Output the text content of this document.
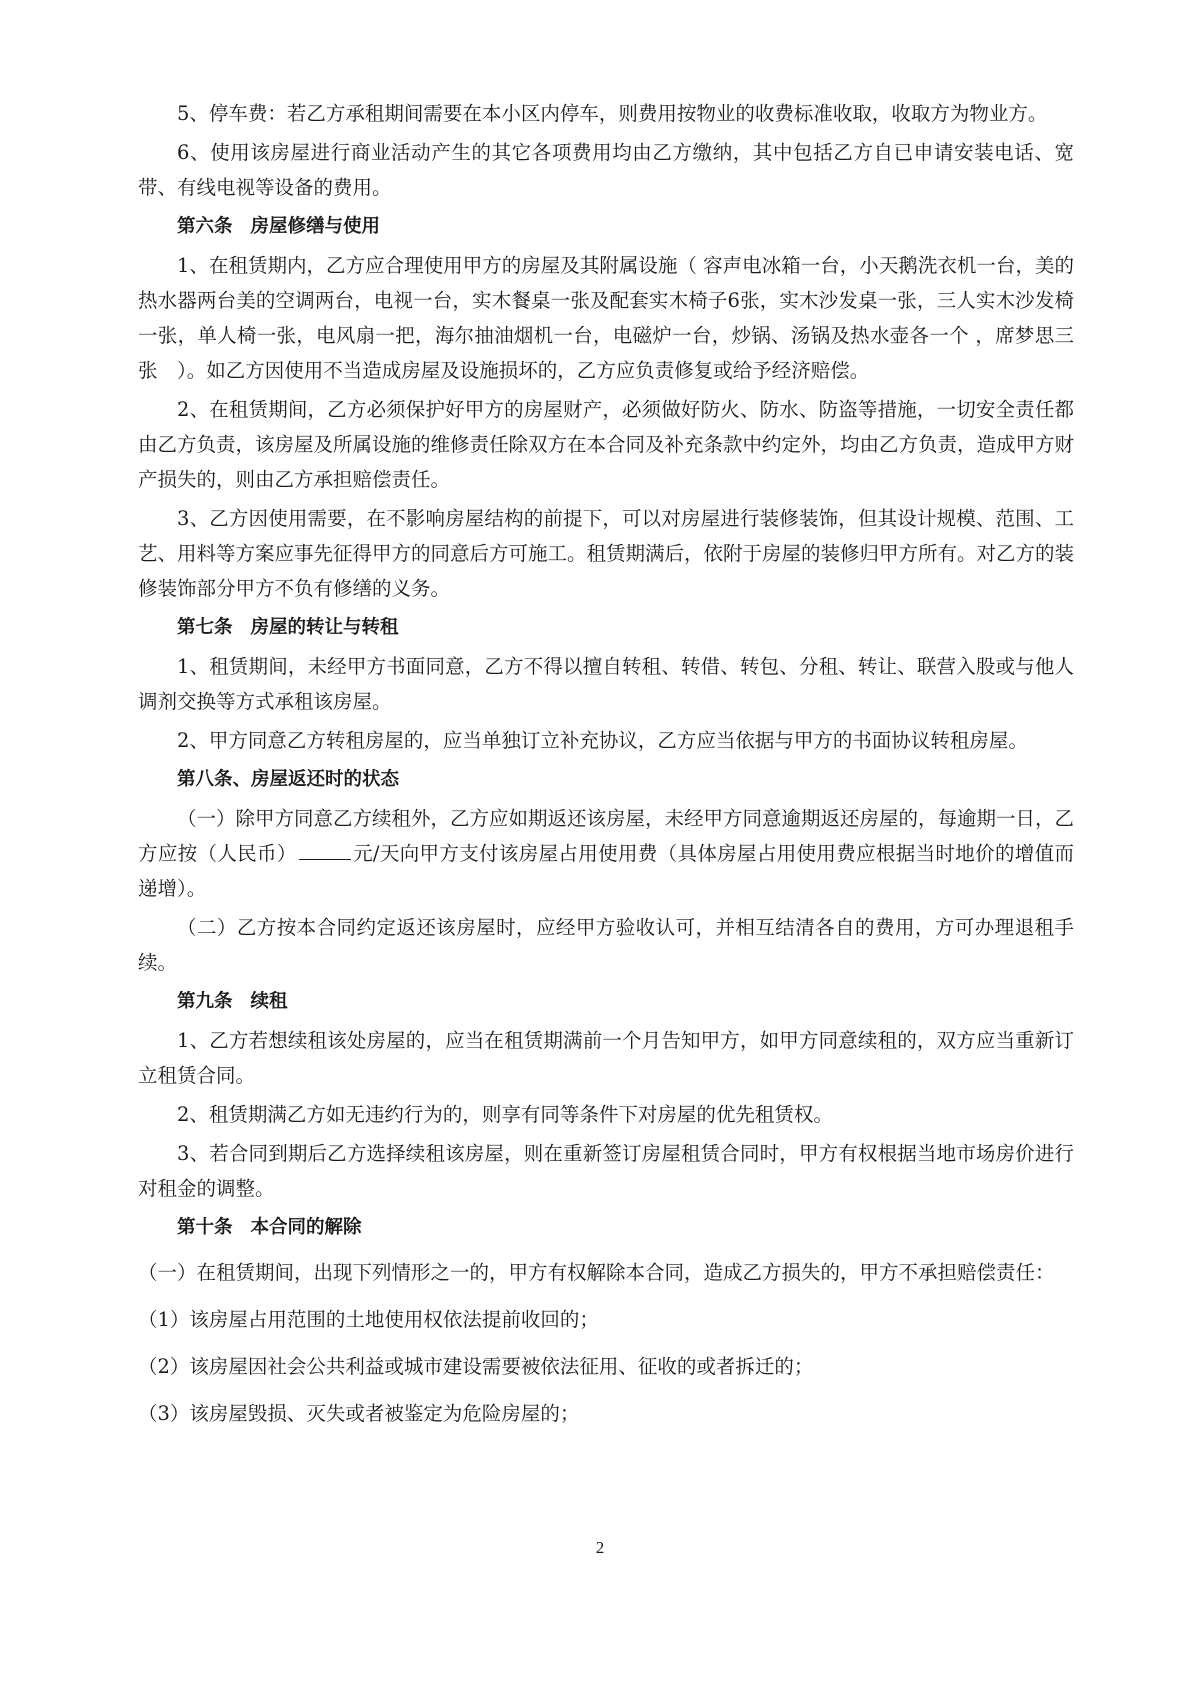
5、停车费：若乙方承租期间需要在本小区内停车，则费用按物业的收费标准收取，收取方为物业方。

6、使用该房屋进行商业活动产生的其它各项费用均由乙方缴纳，其中包括乙方自已申请安装电话、宽带、有线电视等设备的费用。

第六条 房屋修缮与使用

1、在租赁期内，乙方应合理使用甲方的房屋及其附属设施（ 容声电冰箱一台，小天鹅洗衣机一台，美的热水器两台美的空调两台，电视一台，实木餐桌一张及配套实木椅子6张，实木沙发桌一张，三人实木沙发椅一张，单人椅一张，电风扇一把，海尔抽油烟机一台，电磁炉一台，炒锅、汤锅及热水壶各一个 ，席梦思三张　）。如乙方因使用不当造成房屋及设施损坏的，乙方应负责修复或给予经济赔偿。

2、在租赁期间，乙方必须保护好甲方的房屋财产，必须做好防火、防水、防盗等措施，一切安全责任都由乙方负责，该房屋及所属设施的维修责任除双方在本合同及补充条款中约定外，均由乙方负责，造成甲方财产损失的，则由乙方承担赔偿责任。

3、乙方因使用需要，在不影响房屋结构的前提下，可以对房屋进行装修装饰，但其设计规模、范围、工艺、用料等方案应事先征得甲方的同意后方可施工。租赁期满后，依附于房屋的装修归甲方所有。对乙方的装修装饰部分甲方不负有修缮的义务。

第七条 房屋的转让与转租

1、租赁期间，未经甲方书面同意，乙方不得以擅自转租、转借、转包、分租、转让、联营入股或与他人调剂交换等方式承租该房屋。

2、甲方同意乙方转租房屋的，应当单独订立补充协议，乙方应当依据与甲方的书面协议转租房屋。

第八条、房屋返还时的状态

（一）除甲方同意乙方续租外，乙方应如期返还该房屋，未经甲方同意逾期返还房屋的，每逾期一日，乙方应按（人民币）	元/天向甲方支付该房屋占用使用费（具体房屋占用使用费应根据当时地价的增值而递增）。

（二）乙方按本合同约定返还该房屋时，应经甲方验收认可，并相互结清各自的费用，方可办理退租手续。

第九条 续租

1、乙方若想续租该处房屋的，应当在租赁期满前一个月告知甲方，如甲方同意续租的，双方应当重新订立租赁合同。

2、租赁期满乙方如无违约行为的，则享有同等条件下对房屋的优先租赁权。

3、若合同到期后乙方选择续租该房屋，则在重新签订房屋租赁合同时，甲方有权根据当地市场房价进行对租金的调整。

第十条 本合同的解除

（一）在租赁期间，出现下列情形之一的，甲方有权解除本合同，造成乙方损失的，甲方不承担赔偿责任：

（1）该房屋占用范围的土地使用权依法提前收回的；

（2）该房屋因社会公共利益或城市建设需要被依法征用、征收的或者拆迁的；

（3）该房屋毁损、灭失或者被鉴定为危险房屋的；

2
